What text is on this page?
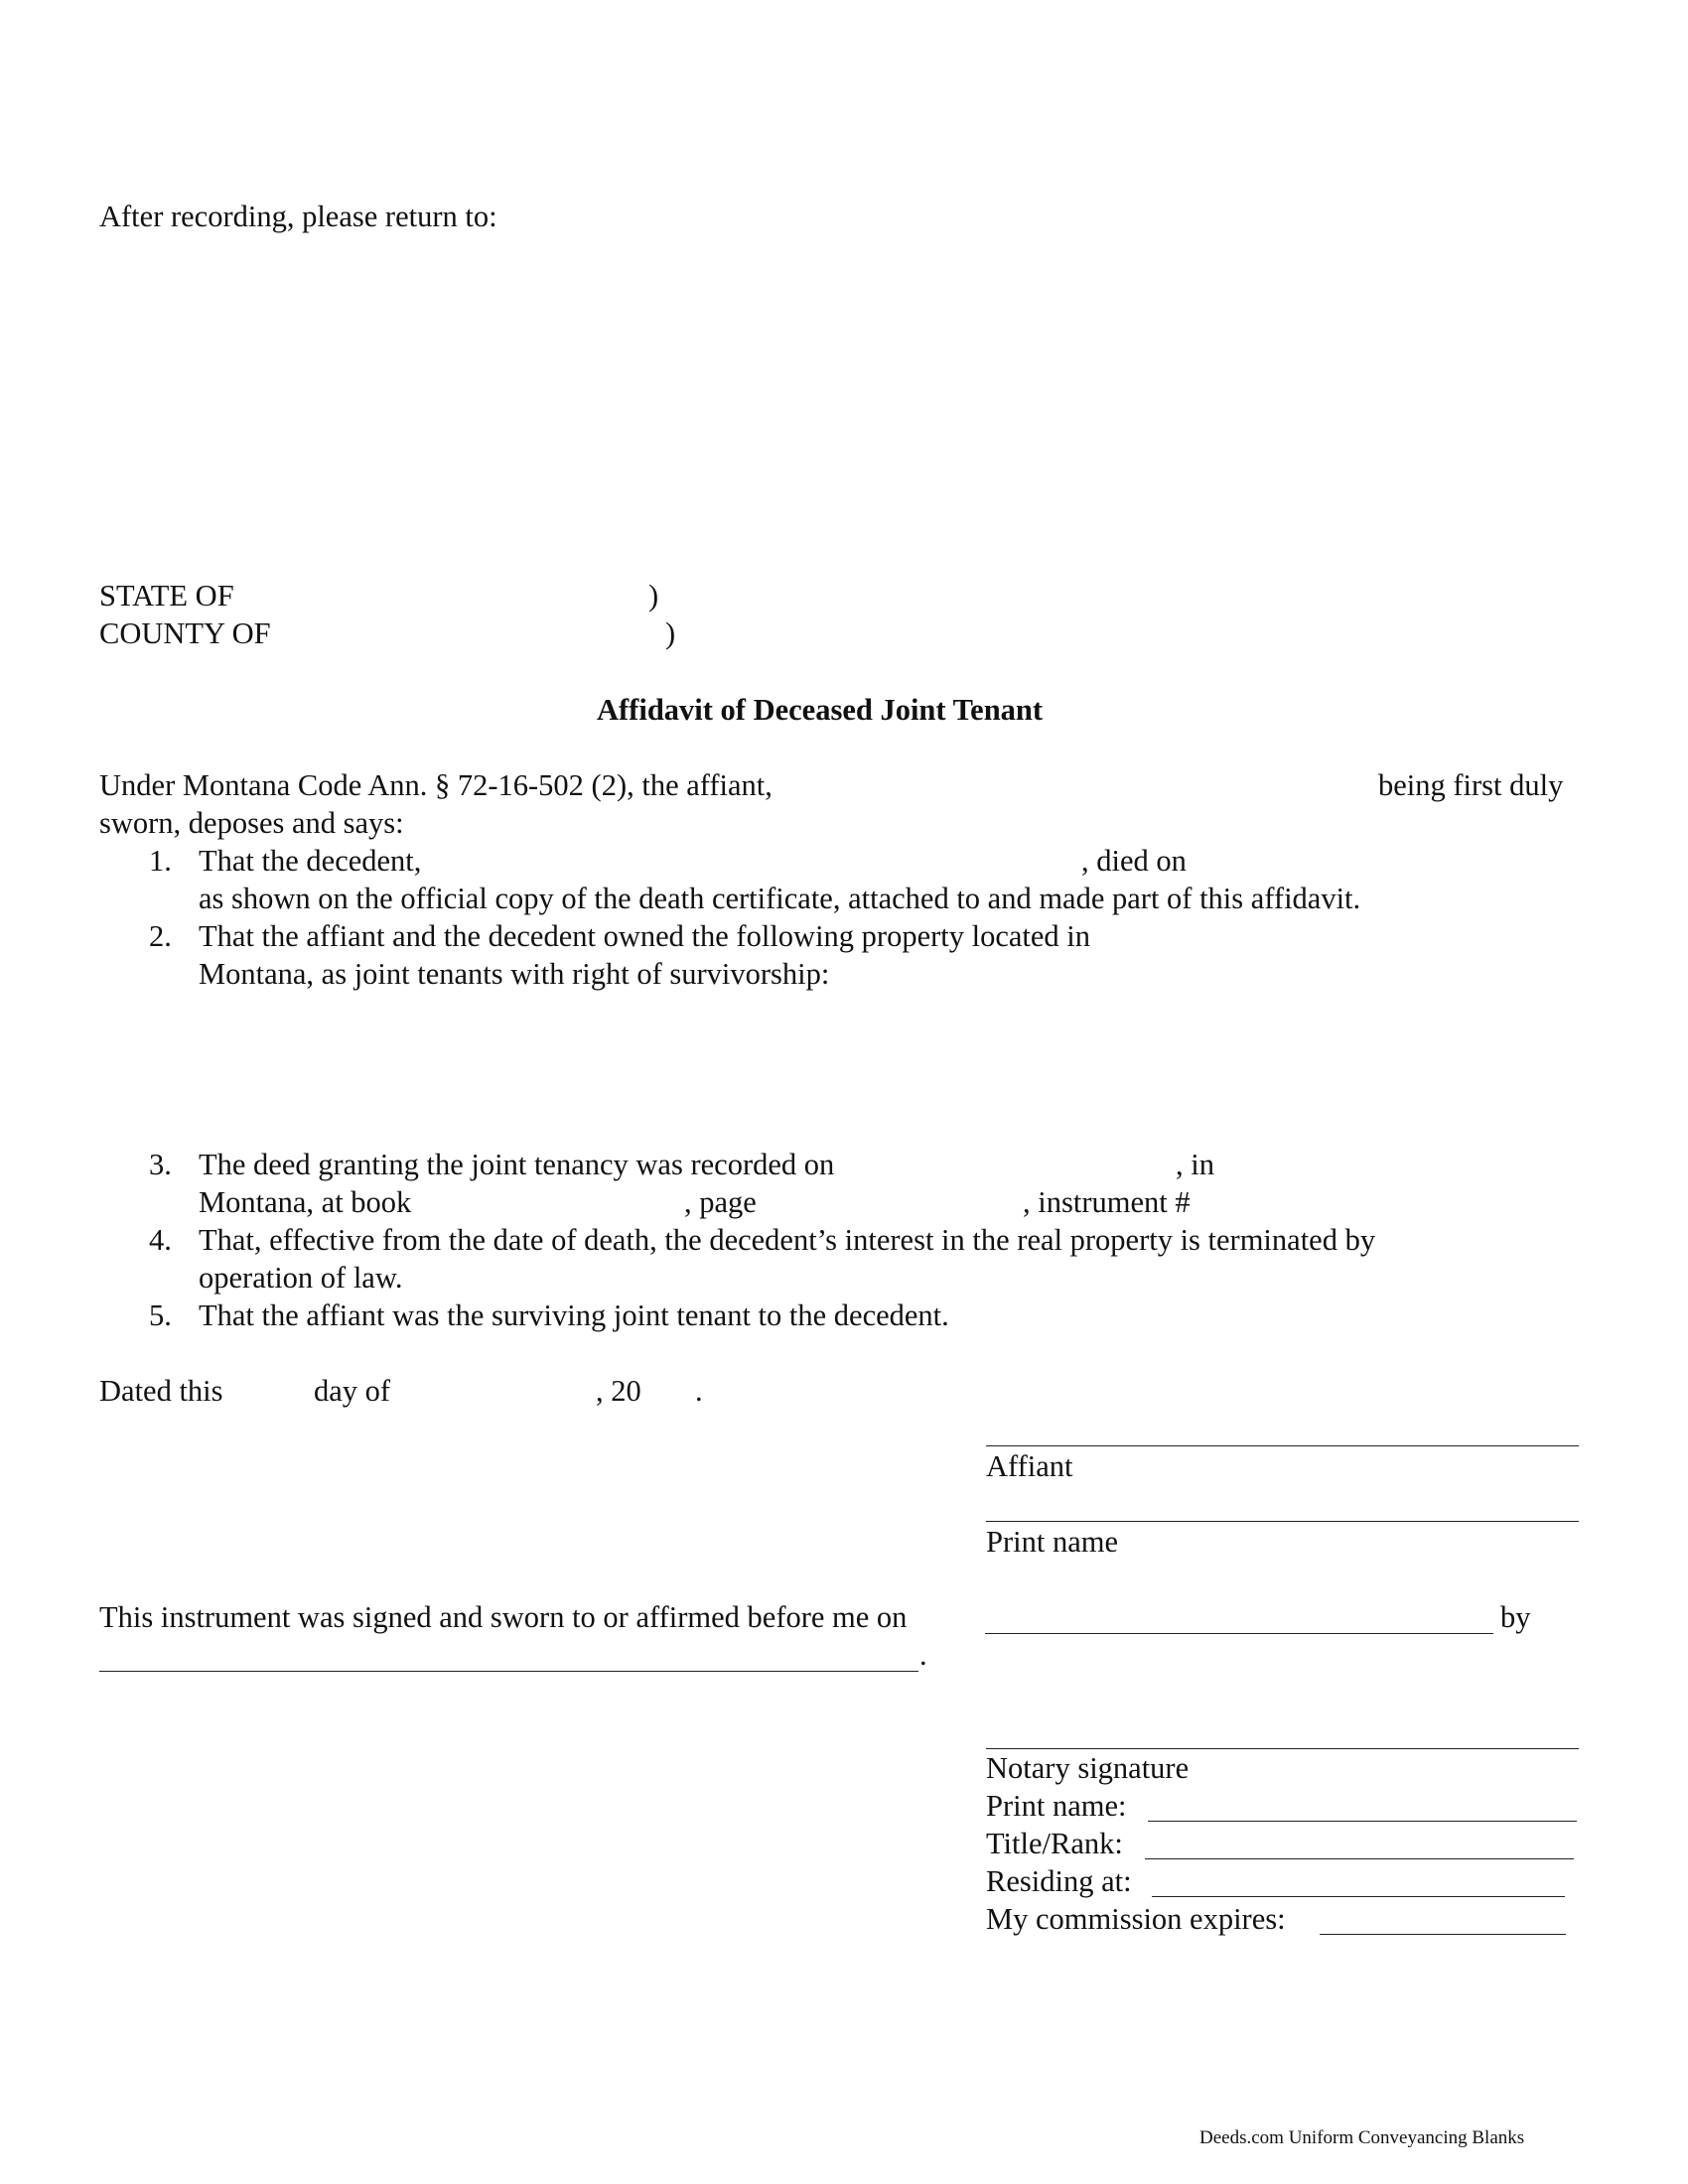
After recording, please return to:
STATE OF	)
COUNTY OF	)
Affidavit of Deceased Joint Tenant
Under Montana Code Ann. § 72-16-502 (2), the affiant,	being first duly
sworn, deposes and says:
1. That the decedent,	, died on
as shown on the official copy of the death certificate, attached to and made part of this affidavit.
2. That the affiant and the decedent owned the following property located in
Montana, as joint tenants with right of survivorship:
3. The deed granting the joint tenancy was recorded on	, in
Montana, at book	, page	, instrument #
4. That, effective from the date of death, the decedent’s interest in the real property is terminated by
operation of law.
5. That the affiant was the surviving joint tenant to the decedent.
Dated this	day of	, 20 .
Affiant
Print name
This instrument was signed and sworn to or affirmed before me on	by
.
Notary signature
Print name:
Title/Rank:
Residing at:
My commission expires:
Deeds.com Uniform Conveyancing Blanks
